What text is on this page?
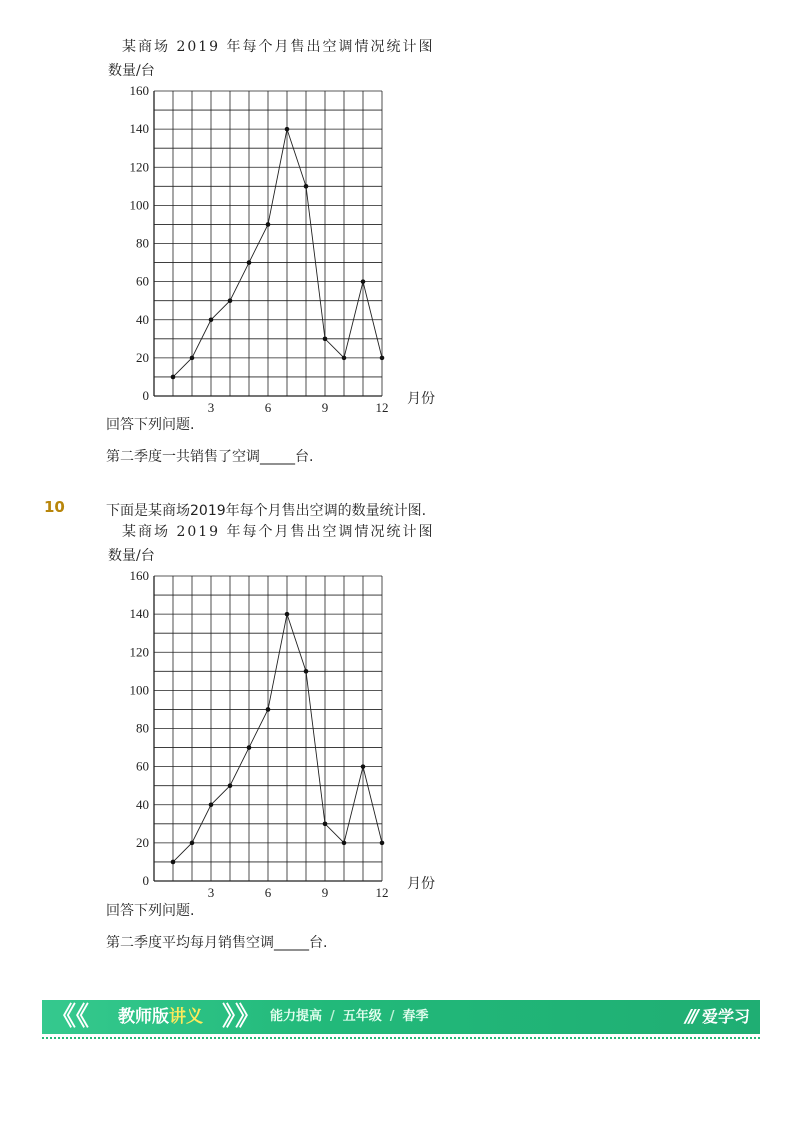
某商场 2019 年每个月售出空调情况统计图
数量/台
0
20
40
60
80
100
120
140
160
3	6	9	12
月份
回答下列问题.
第二季度一共销售了空调_____台.
10	下面是某商场2019年每个月售出空调的数量统计图.
某商场 2019 年每个月售出空调情况统计图
数量/台
0
20
40
60
80
100
120
140
160
3	6	9	12
月份
回答下列问题.
第二季度平均每月销售空调_____台.
《《 教师版讲义 》》 能力提高 / 五年级 / 春季	/// 爱学习
